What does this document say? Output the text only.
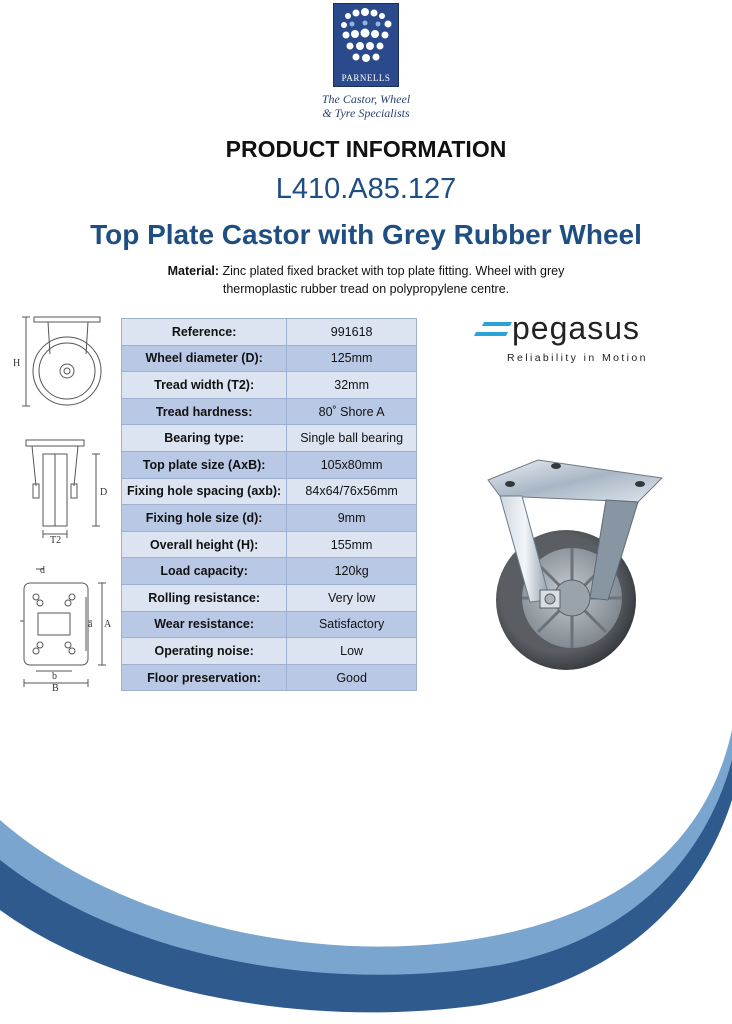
PARNELLS
The Castor, Wheel
& Tyre Specialists
PRODUCT INFORMATION
L410.A85.127
Top Plate Castor with Grey Rubber Wheel
Material: Zinc plated fixed bracket with top plate fitting. Wheel with grey
thermoplastic rubber tread on polypropylene centre.
H
D
T2
d
A
a
b
B
Reference:	991618
Wheel diameter (D):	125mm
Tread width (T2):	32mm
Tread hardness:	80˚ Shore A
Bearing type:	Single ball bearing
Top plate size (AxB):	105x80mm
Fixing hole spacing (axb):	84x64/76x56mm
Fixing hole size (d):	9mm
Overall height (H):	155mm
Load capacity:	120kg
Rolling resistance:	Very low
Wear resistance:	Satisfactory
Operating noise:	Low
Floor preservation:	Good
pegasus
Reliability in Motion
